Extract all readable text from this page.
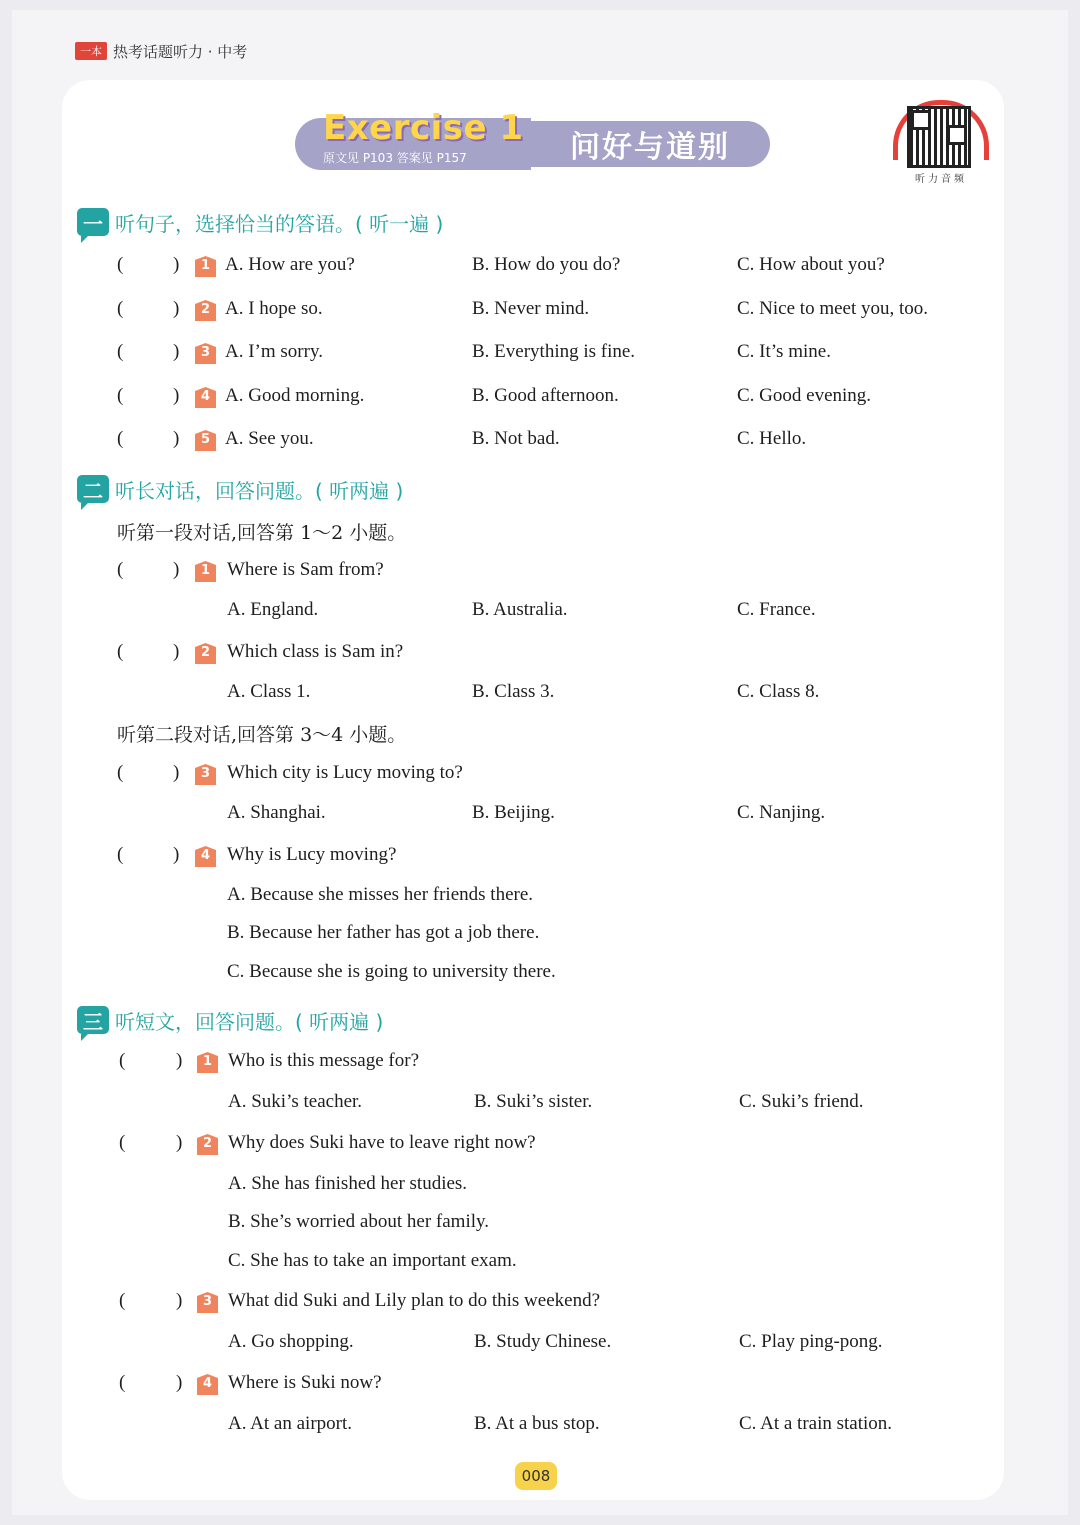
一本 热考话题听力 · 中考
Exercise 1
原文见 P103 答案见 P157	问好与道别
听力音频
一 听句子，选择恰当的答语。( 听一遍 )
二 听长对话，回答问题。( 听两遍 )
听第一段对话,回答第 1～2 小题。
听第二段对话,回答第 3～4 小题。
三 听短文，回答问题。( 听两遍 )
(	)	1 A. How are you?	B. How do you do?	C. How about you?
(	)	2 A. I hope so.	B. Never mind.	C. Nice to meet you, too.
(	)	3 A. I’m sorry.	B. Everything is fine.	C. It’s mine.
(	)	4 A. Good morning.	B. Good afternoon.	C. Good evening.
(	)	5 A. See you.	B. Not bad.	C. Hello.
(	)	1 Where is Sam from?
A. England.	B. Australia.	C. France.
(	)	2 Which class is Sam in?
A. Class 1.	B. Class 3.	C. Class 8.
(	)	3 Which city is Lucy moving to?
A. Shanghai.	B. Beijing.	C. Nanjing.
(	)	4 Why is Lucy moving?
A. Because she misses her friends there.
B. Because her father has got a job there.
C. Because she is going to university there.
(	)	1 Who is this message for?
A. Suki’s teacher.	B. Suki’s sister.	C. Suki’s friend.
(	)	2 Why does Suki have to leave right now?
A. She has finished her studies.
B. She’s worried about her family.
C. She has to take an important exam.
(	)	3 What did Suki and Lily plan to do this weekend?
A. Go shopping.	B. Study Chinese.	C. Play ping-pong.
(	)	4 Where is Suki now?
A. At an airport.	B. At a bus stop.	C. At a train station.
008
